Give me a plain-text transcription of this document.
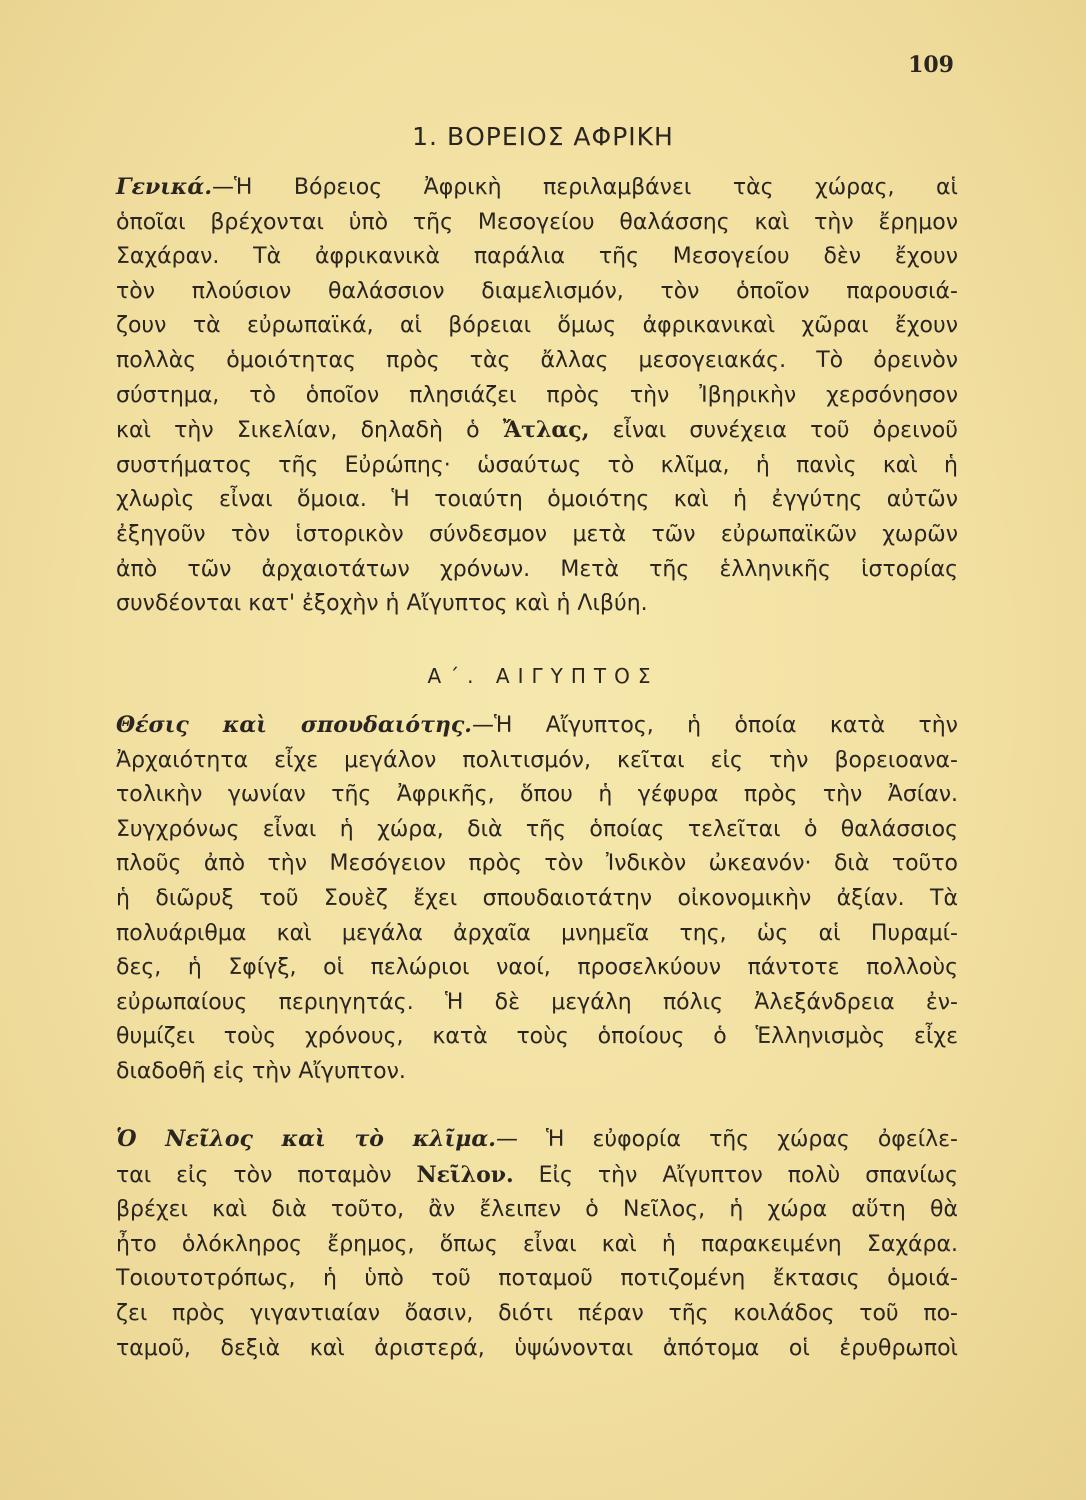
109
1. ΒΟΡΕΙΟΣ ΑΦΡΙΚΗ
Γενικά.—Ἡ Βόρειος Ἀφρικὴ περιλαμβάνει τὰς χώρας, αἱ
ὁποῖαι βρέχονται ὑπὸ τῆς Μεσογείου θαλάσσης καὶ τὴν ἔρημον
Σαχάραν. Τὰ ἀφρικανικὰ παράλια τῆς Μεσογείου δὲν ἔχουν
τὸν πλούσιον θαλάσσιον διαμελισμόν, τὸν ὁποῖον παρουσιά-
ζουν τὰ εὐρωπαϊκά, αἱ βόρειαι ὅμως ἀφρικανικαὶ χῶραι ἔχουν
πολλὰς ὁμοιότητας πρὸς τὰς ἄλλας μεσογειακάς. Τὸ ὀρεινὸν
σύστημα, τὸ ὁποῖον πλησιάζει πρὸς τὴν Ἰβηρικὴν χερσόνησον
καὶ τὴν Σικελίαν, δηλαδὴ ὁ Ἄτλας, εἶναι συνέχεια τοῦ ὀρεινοῦ
συστήματος τῆς Εὐρώπης· ὡσαύτως τὸ κλῖμα, ἡ πανὶς καὶ ἡ
χλωρὶς εἶναι ὅμοια. Ἡ τοιαύτη ὁμοιότης καὶ ἡ ἐγγύτης αὐτῶν
ἐξηγοῦν τὸν ἱστορικὸν σύνδεσμον μετὰ τῶν εὐρωπαϊκῶν χωρῶν
ἀπὸ τῶν ἀρχαιοτάτων χρόνων. Μετὰ τῆς ἑλληνικῆς ἱστορίας
συνδέονται κατ' ἐξοχὴν ἡ Αἴγυπτος καὶ ἡ Λιβύη.
Α΄. ΑΙΓΥΠΤΟΣ
Θέσις καὶ σπουδαιότης.—Ἡ Αἴγυπτος, ἡ ὁποία κατὰ τὴν
Ἀρχαιότητα εἶχε μεγάλον πολιτισμόν, κεῖται εἰς τὴν βορειοανα-
τολικὴν γωνίαν τῆς Ἀφρικῆς, ὅπου ἡ γέφυρα πρὸς τὴν Ἀσίαν.
Συγχρόνως εἶναι ἡ χώρα, διὰ τῆς ὁποίας τελεῖται ὁ θαλάσσιος
πλοῦς ἀπὸ τὴν Μεσόγειον πρὸς τὸν Ἰνδικὸν ὠκεανόν· διὰ τοῦτο
ἡ διῶρυξ τοῦ Σουὲζ ἔχει σπουδαιοτάτην οἰκονομικὴν ἀξίαν. Τὰ
πολυάριθμα καὶ μεγάλα ἀρχαῖα μνημεῖα της, ὡς αἱ Πυραμί-
δες, ἡ Σφίγξ, οἱ πελώριοι ναοί, προσελκύουν πάντοτε πολλοὺς
εὐρωπαίους περιηγητάς. Ἡ δὲ μεγάλη πόλις Ἀλεξάνδρεια ἐν-
θυμίζει τοὺς χρόνους, κατὰ τοὺς ὁποίους ὁ Ἑλληνισμὸς εἶχε
διαδοθῆ εἰς τὴν Αἴγυπτον.
Ὁ Νεῖλος καὶ τὸ κλῖμα.— Ἡ εὐφορία τῆς χώρας ὀφείλε-
ται εἰς τὸν ποταμὸν Νεῖλον. Εἰς τὴν Αἴγυπτον πολὺ σπανίως
βρέχει καὶ διὰ τοῦτο, ἂν ἔλειπεν ὁ Νεῖλος, ἡ χώρα αὕτη θὰ
ἦτο ὁλόκληρος ἔρημος, ὅπως εἶναι καὶ ἡ παρακειμένη Σαχάρα.
Τοιουτοτρόπως, ἡ ὑπὸ τοῦ ποταμοῦ ποτιζομένη ἔκτασις ὁμοιά-
ζει πρὸς γιγαντιαίαν ὄασιν, διότι πέραν τῆς κοιλάδος τοῦ πο-
ταμοῦ, δεξιὰ καὶ ἀριστερά, ὑψώνονται ἀπότομα οἱ ἐρυθρωποὶ
